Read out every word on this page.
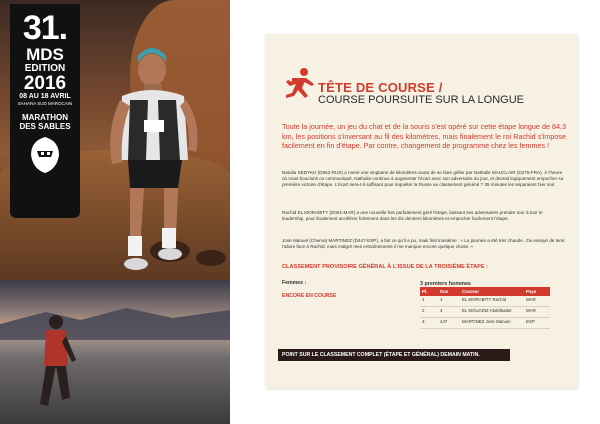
31.
MDS
EDITION
2016
08 AU 18 AVRIL
SAHARA SUD MAROCAIN
MARATHON
DES SABLES
TÊTE DE COURSE /
COURSE POURSUITE SUR LA LONGUE
Toute la journée, un jeu du chat et de la souris s'est opéré sur cette étape longue de 84,3 km, les positions s'inversant au fil des kilomètres, mais finalement le roi Rachid s'impose facilement en fin d'étape. Par contre, changement de programme chez les femmes !

Natalia SEDYKH (D662-RUS) a mené une vingtaine de kilomètres avant de se faire griller par Nathalie MAUCLAIR (D275-FRA). À l'heure où nous bouclons ce communiqué, Nathalie continue à augmenter l'écart avec son adversaire du jour, et devrait logiquement empocher sa première victoire d'étape. L'écart sera-t-il suffisant pour inquiéter la Russe au classement général ? 35 minutes les séparaient hier soir.

Rachid EL MORABITY (D001-MAR) a une nouvelle fois parfaitement géré l'étape, laissant ses adversaires prendre tour à tour le leadership, pour finalement accélérer fortement dans les dix derniers kilomètres et empocher facilement l'étape.

Jose Manuel (Chema) MARTINEZ (D447-ESP), a fait ce qu'il a pu, mais finit troisième : « La journée a été très chaude. J'ai essayé de tenir l'allure face à Rachid, mais malgré mes entraînements il me manque encore quelque chose. »

CLASSEMENT PROVISOIRE GÉNÉRAL À L'ISSUE DE LA TROISIÈME ÉTAPE :
Femmes :
ENCORE EN COURSE
3 premiers hommes
Pl.	Dos	Coureur	Pays
1	1	EL MORABITY Rachid	MAR
2	4	EL MOUADIZ Abdelkader	MAR
3	447	MARTINEZ Jose Manuel	ESP
POINT SUR LE CLASSEMENT COMPLET (ÉTAPE ET GÉNÉRAL) DEMAIN MATIN.
